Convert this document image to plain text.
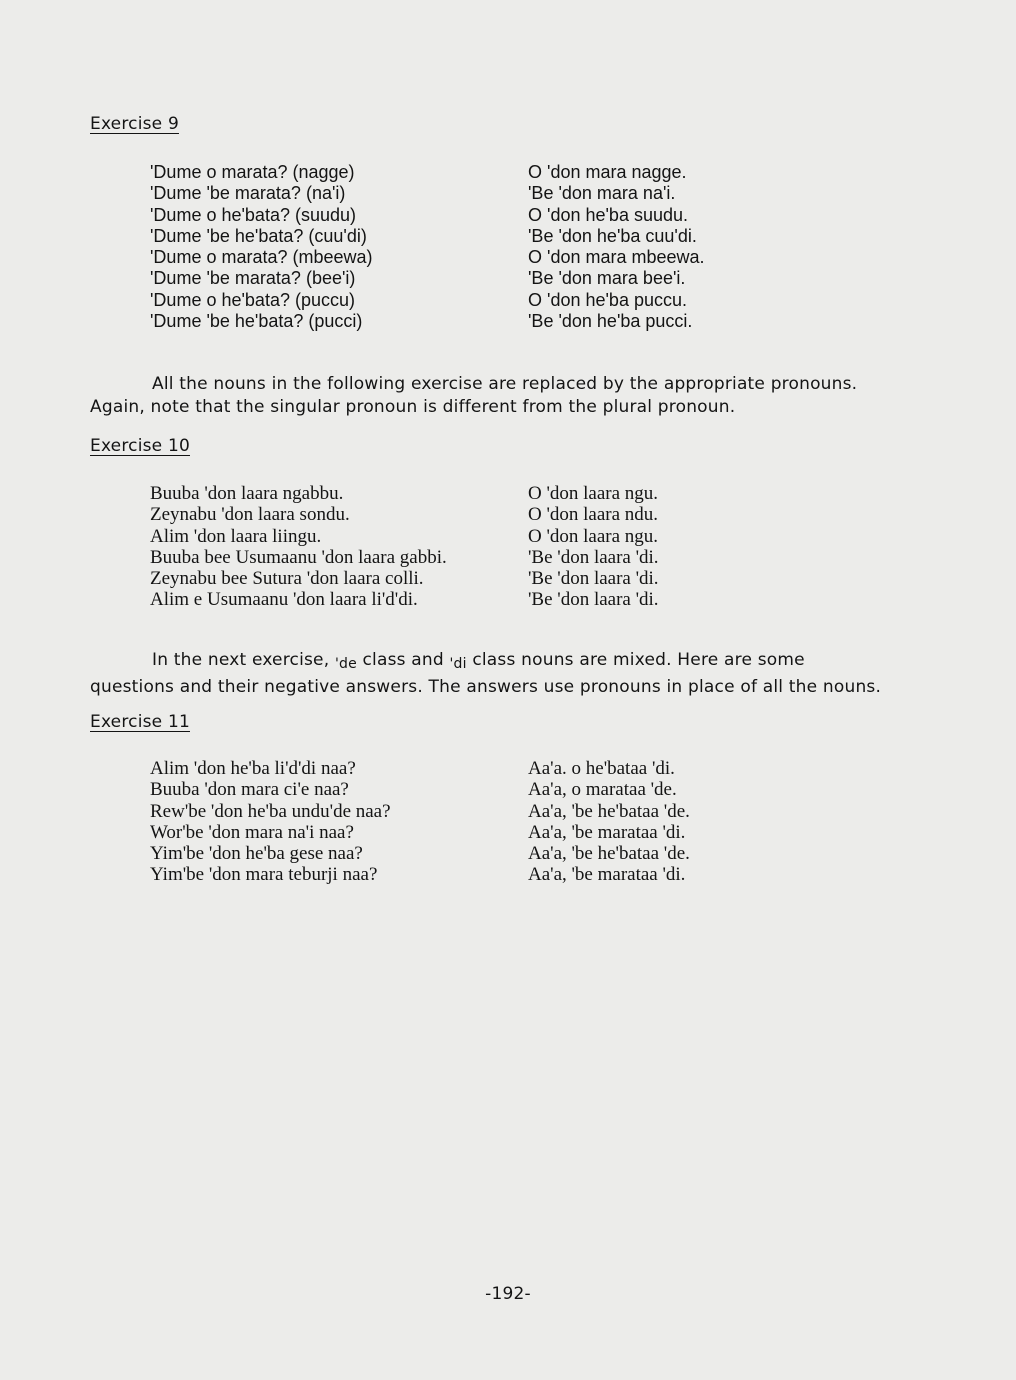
Exercise 9
'Dume o marata? (nagge)
'Dume 'be marata? (na'i)
'Dume o he'bata? (suudu)
'Dume 'be he'bata? (cuu'di)
'Dume o marata? (mbeewa)
'Dume 'be marata? (bee'i)
'Dume o he'bata? (puccu)
'Dume 'be he'bata? (pucci)
O 'don mara nagge.
'Be 'don mara na'i.
O 'don he'ba suudu.
'Be 'don he'ba cuu'di.
O 'don mara mbeewa.
'Be 'don mara bee'i.
O 'don he'ba puccu.
'Be 'don he'ba pucci.
All the nouns in the following exercise are replaced by the appropriate pronouns.
Again, note that the singular pronoun is different from the plural pronoun.
Exercise 10
Buuba 'don laara ngabbu.
Zeynabu 'don laara sondu.
Alim 'don laara liingu.
Buuba bee Usumaanu 'don laara gabbi.
Zeynabu bee Sutura 'don laara colli.
Alim e Usumaanu 'don laara li'd'di.
O 'don laara ngu.
O 'don laara ndu.
O 'don laara ngu.
'Be 'don laara 'di.
'Be 'don laara 'di.
'Be 'don laara 'di.
In the next exercise, $_{'de}$ class and $_{'di}$ class nouns are mixed. Here are some
questions and their negative answers. The answers use pronouns in place of all the nouns.
Exercise 11
Alim 'don he'ba li'd'di naa?
Buuba 'don mara ci'e naa?
Rew'be 'don he'ba undu'de naa?
Wor'be 'don mara na'i naa?
Yim'be 'don he'ba gese naa?
Yim'be 'don mara teburji naa?
Aa'a. o he'bataa 'di.
Aa'a, o marataa 'de.
Aa'a, 'be he'bataa 'de.
Aa'a, 'be marataa 'di.
Aa'a, 'be he'bataa 'de.
Aa'a, 'be marataa 'di.
-192-
